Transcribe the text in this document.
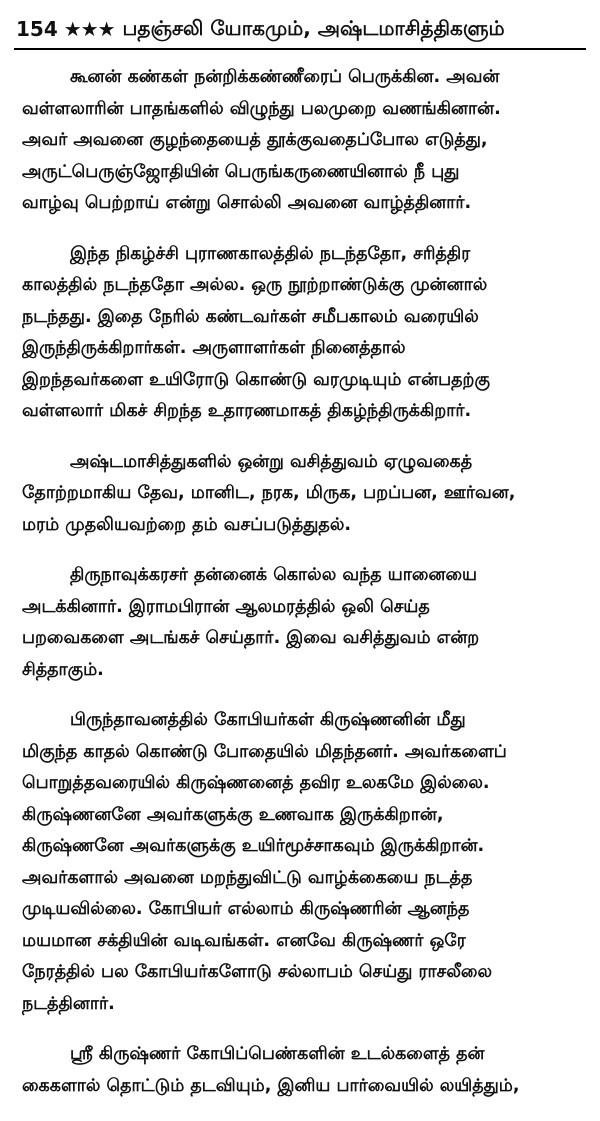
154 ★★★ பதஞ்சலி யோகமும், அஷ்டமாசித்திகளும்
கூனன் கண்கள் நன்றிக்கண்ணீரைப் பெருக்கின. அவன்
வள்ளலாரின் பாதங்களில் விழுந்து பலமுறை வணங்கினான்.
அவர் அவனை குழந்தையைத் தூக்குவதைப்போல எடுத்து,
அருட்பெருஞ்ஜோதியின் பெருங்கருணையினால் நீ புது
வாழ்வு பெற்றாய் என்று சொல்லி அவனை வாழ்த்தினார்.
இந்த நிகழ்ச்சி புராணகாலத்தில் நடந்ததோ, சரித்திர
காலத்தில் நடந்ததோ அல்ல. ஒரு நூற்றாண்டுக்கு முன்னால்
நடந்தது. இதை நேரில் கண்டவர்கள் சமீபகாலம் வரையில்
இருந்திருக்கிறார்கள். அருளாளர்கள் நினைத்தால்
இறந்தவர்களை உயிரோடு கொண்டு வரமுடியும் என்பதற்கு
வள்ளலார் மிகச் சிறந்த உதாரணமாகத் திகழ்ந்திருக்கிறார்.
அஷ்டமாசித்துகளில் ஒன்று வசித்துவம் ஏழுவகைத்
தோற்றமாகிய தேவ, மானிட, நரக, மிருக, பறப்பன, ஊர்வன,
மரம் முதலியவற்றை தம் வசப்படுத்துதல்.
திருநாவுக்கரசர் தன்னைக் கொல்ல வந்த யானையை
அடக்கினார். இராமபிரான் ஆலமரத்தில் ஒலி செய்த
பறவைகளை அடங்கச் செய்தார். இவை வசித்துவம் என்ற
சித்தாகும்.
பிருந்தாவனத்தில் கோபியர்கள் கிருஷ்ணனின் மீது
மிகுந்த காதல் கொண்டு போதையில் மிதந்தனர். அவர்களைப்
பொறுத்தவரையில் கிருஷ்ணனைத் தவிர உலகமே இல்லை.
கிருஷ்ணனனே அவர்களுக்கு உணவாக இருக்கிறான்,
கிருஷ்ணனே அவர்களுக்கு உயிர்மூச்சாகவும் இருக்கிறான்.
அவர்களால் அவனை மறந்துவிட்டு வாழ்க்கையை நடத்த
முடியவில்லை. கோபியர் எல்லாம் கிருஷ்ணரின் ஆனந்த
மயமான சக்தியின் வடிவங்கள். எனவே கிருஷ்ணர் ஒரே
நேரத்தில் பல கோபியர்களோடு சல்லாபம் செய்து ராசலீலை
நடத்தினார்.
ஸ்ரீ கிருஷ்ணர் கோபிப்பெண்களின் உடல்களைத் தன்
கைகளால் தொட்டும் தடவியும், இனிய பார்வையில் லயித்தும்,
